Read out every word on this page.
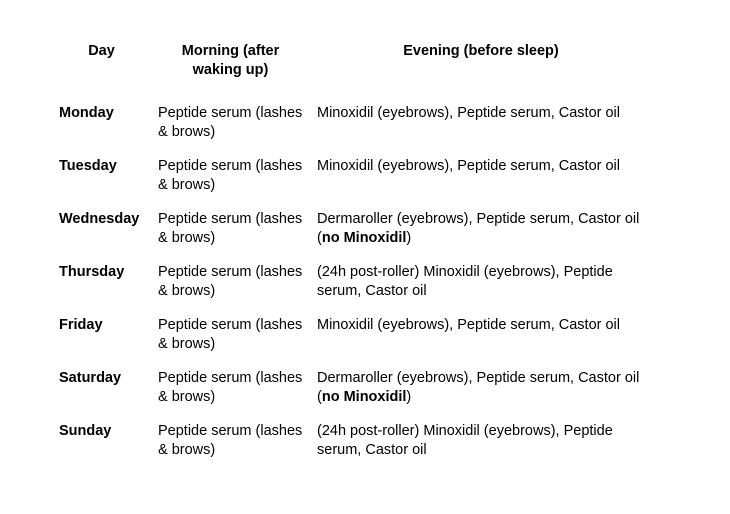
Day	Morning (after waking up)	Evening (before sleep)
Monday	Peptide serum (lashes & brows)	Minoxidil (eyebrows), Peptide serum, Castor oil
Tuesday	Peptide serum (lashes & brows)	Minoxidil (eyebrows), Peptide serum, Castor oil
Wednesday	Peptide serum (lashes & brows)	Dermaroller (eyebrows), Peptide serum, Castor oil (no Minoxidil)
Thursday	Peptide serum (lashes & brows)	(24h post-roller) Minoxidil (eyebrows), Peptide serum, Castor oil
Friday	Peptide serum (lashes & brows)	Minoxidil (eyebrows), Peptide serum, Castor oil
Saturday	Peptide serum (lashes & brows)	Dermaroller (eyebrows), Peptide serum, Castor oil (no Minoxidil)
Sunday	Peptide serum (lashes & brows)	(24h post-roller) Minoxidil (eyebrows), Peptide serum, Castor oil
